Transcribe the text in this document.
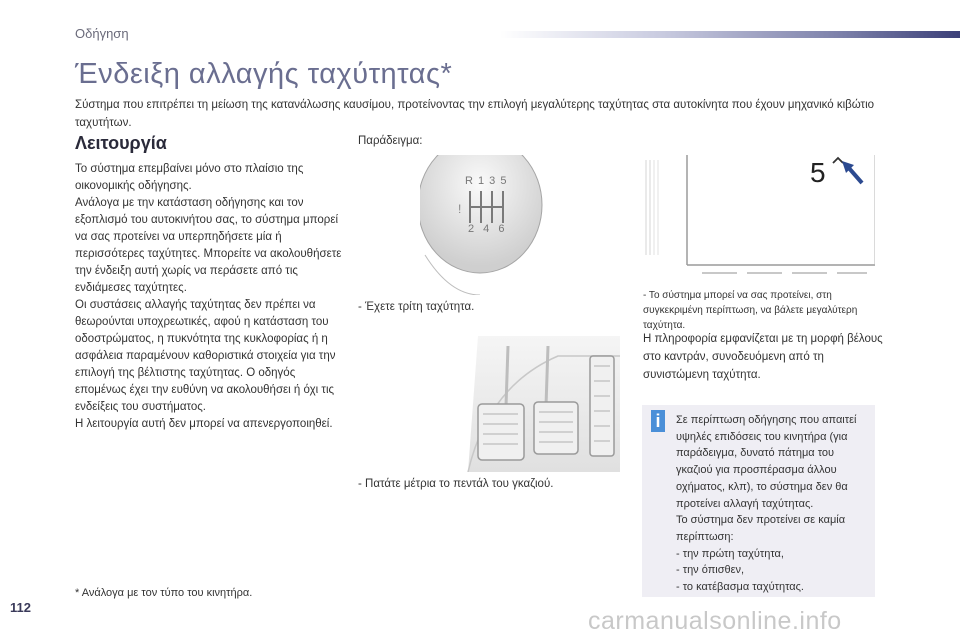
Οδήγηση
Ένδειξη αλλαγής ταχύτητας*
Σύστημα που επιτρέπει τη μείωση της κατανάλωσης καυσίμου, προτείνοντας την επιλογή μεγαλύτερης ταχύτητας στα αυτοκίνητα που έχουν μηχανικό κιβώτιο ταχυτήτων.
Λειτουργία

Το σύστημα επεμβαίνει μόνο στο πλαίσιο της οικονομικής οδήγησης.

Ανάλογα με την κατάσταση οδήγησης και τον εξοπλισμό του αυτοκινήτου σας, το σύστημα μπορεί να σας προτείνει να υπερπηδήσετε μία ή περισσότερες ταχύτητες. Μπορείτε να ακολουθήσετε την ένδειξη αυτή χωρίς να περάσετε από τις ενδιάμεσες ταχύτητες.

Οι συστάσεις αλλαγής ταχύτητας δεν πρέπει να θεωρούνται υποχρεωτικές, αφού η κατάσταση του οδοστρώματος, η πυκνότητα της κυκλοφορίας ή η ασφάλεια παραμένουν καθοριστικά στοιχεία για την επιλογή της βέλτιστης ταχύτητας. Ο οδηγός επομένως έχει την ευθύνη να ακολουθήσει ή όχι τις ενδείξεις του συστήματος.

Η λειτουργία αυτή δεν μπορεί να απενεργοποιηθεί.

* Ανάλογα με τον τύπο του κινητήρα.
Παράδειγμα:
!
R 1 3 5
2 4 6
- Έχετε τρίτη ταχύτητα.
- Πατάτε μέτρια το πεντάλ του γκαζιού.
5
- Το σύστημα μπορεί να σας προτείνει, στη συγκεκριμένη περίπτωση, να βάλετε μεγαλύτερη ταχύτητα.
Η πληροφορία εμφανίζεται με τη μορφή βέλους στο καντράν, συνοδευόμενη από τη συνιστώμενη ταχύτητα.
i	Σε περίπτωση οδήγησης που απαιτεί υψηλές επιδόσεις του κινητήρα (για παράδειγμα, δυνατό πάτημα του γκαζιού για προσπέρασμα άλλου οχήματος, κλπ), το σύστημα δεν θα προτείνει αλλαγή ταχύτητας.

Το σύστημα δεν προτείνει σε καμία περίπτωση:

- την πρώτη ταχύτητα,

- την όπισθεν,

- το κατέβασμα ταχύτητας.

112	carmanualsonline.info
